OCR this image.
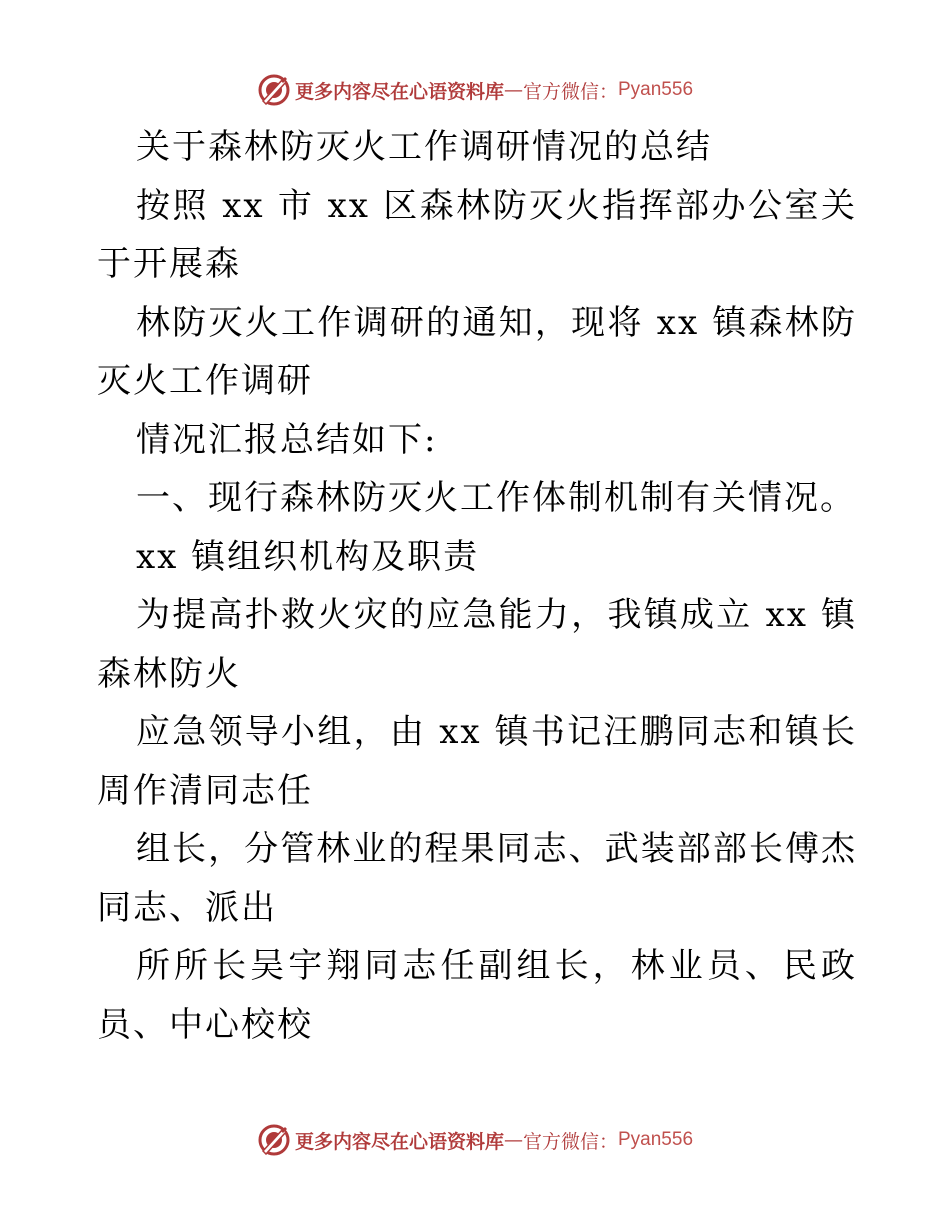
更多内容尽在心语资料库 — 官方微信： Pyan556

关于森林防灭火工作调研情况的总结

按照 xx 市 xx 区森林防灭火指挥部办公室关于开展森

林防灭火工作调研的通知，现将 xx 镇森林防灭火工作调研

情况汇报总结如下:

一、现行森林防灭火工作体制机制有关情况。

xx 镇组织机构及职责

为提高扑救火灾的应急能力，我镇成立 xx 镇森林防火

应急领导小组，由 xx 镇书记汪鹏同志和镇长周作清同志任

组长，分管林业的程果同志、武装部部长傅杰同志、派出

所所长吴宇翔同志任副组长，林业员、民政员、中心校校

更多内容尽在心语资料库 — 官方微信： Pyan556
